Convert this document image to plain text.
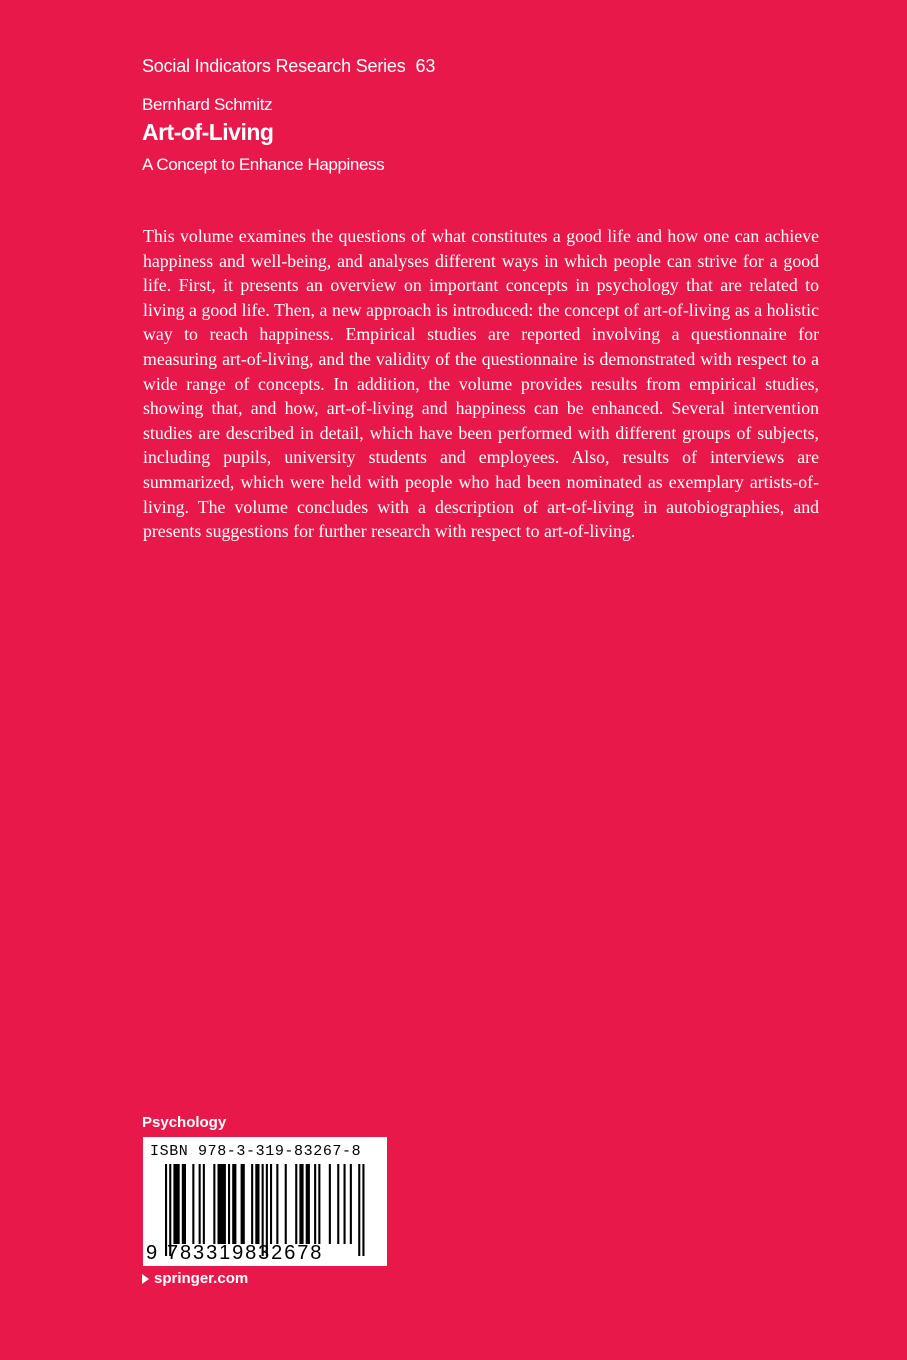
Social Indicators Research Series 63
Bernhard Schmitz
Art-of-Living
A Concept to Enhance Happiness

This volume examines the questions of what constitutes a good life and how one can achieve happiness and well-being, and analyses different ways in which people can strive for a good life. First, it presents an overview on important concepts in psychology that are related to living a good life. Then, a new approach is introduced: the concept of art-of-living as a holistic way to reach happiness. Empirical studies are reported involving a questionnaire for measuring art-of-living, and the validity of the questionnaire is demonstrated with respect to a wide range of concepts. In addition, the volume provides results from empirical studies, showing that, and how, art-of-living and happiness can be enhanced. Several intervention studies are described in detail, which have been performed with different groups of subjects, including pupils, university students and employees. Also, results of interviews are summarized, which were held with people who had been nominated as exemplary artists-of-living. The volume concludes with a description of art-of-living in autobiographies, and presents suggestions for further research with respect to art-of-living.

Psychology
ISBN 978-3-319-83267-8
9 783319832678
springer.com
